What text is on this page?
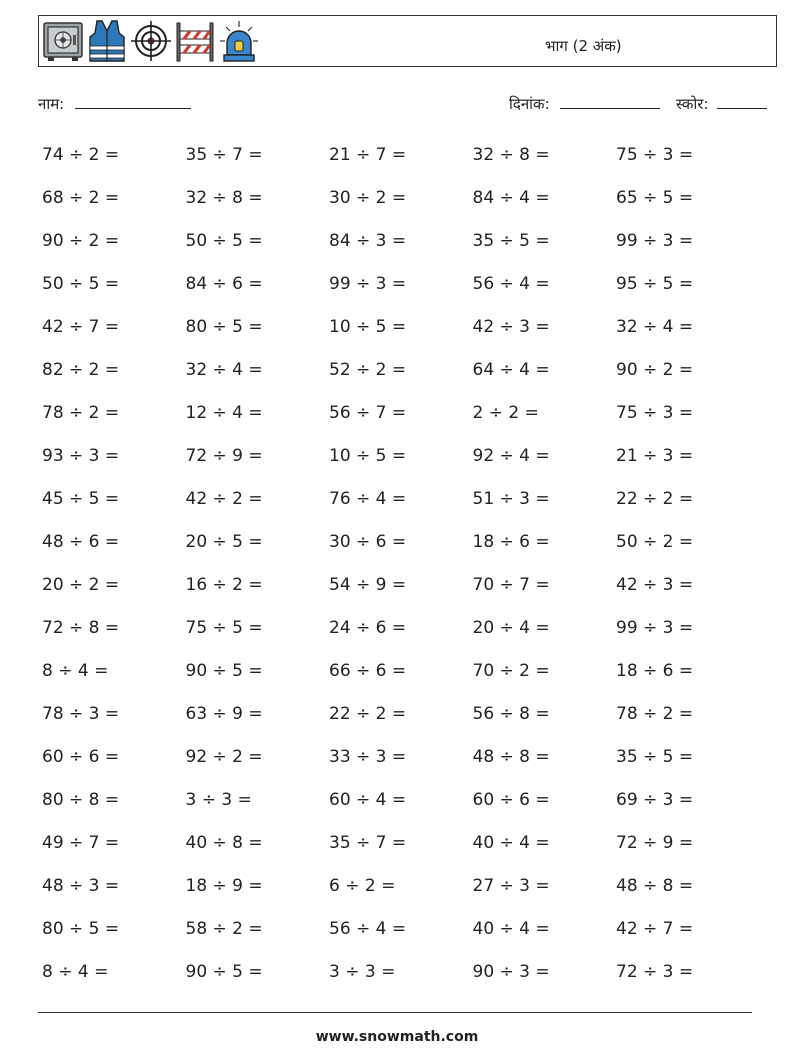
भाग (2 अंक)
नाम:	दिनांक:	स्कोर:
74 ÷ 2 =	35 ÷ 7 =	21 ÷ 7 =	32 ÷ 8 =	75 ÷ 3 =
68 ÷ 2 =	32 ÷ 8 =	30 ÷ 2 =	84 ÷ 4 =	65 ÷ 5 =
90 ÷ 2 =	50 ÷ 5 =	84 ÷ 3 =	35 ÷ 5 =	99 ÷ 3 =
50 ÷ 5 =	84 ÷ 6 =	99 ÷ 3 =	56 ÷ 4 =	95 ÷ 5 =
42 ÷ 7 =	80 ÷ 5 =	10 ÷ 5 =	42 ÷ 3 =	32 ÷ 4 =
82 ÷ 2 =	32 ÷ 4 =	52 ÷ 2 =	64 ÷ 4 =	90 ÷ 2 =
78 ÷ 2 =	12 ÷ 4 =	56 ÷ 7 =	2 ÷ 2 =	75 ÷ 3 =
93 ÷ 3 =	72 ÷ 9 =	10 ÷ 5 =	92 ÷ 4 =	21 ÷ 3 =
45 ÷ 5 =	42 ÷ 2 =	76 ÷ 4 =	51 ÷ 3 =	22 ÷ 2 =
48 ÷ 6 =	20 ÷ 5 =	30 ÷ 6 =	18 ÷ 6 =	50 ÷ 2 =
20 ÷ 2 =	16 ÷ 2 =	54 ÷ 9 =	70 ÷ 7 =	42 ÷ 3 =
72 ÷ 8 =	75 ÷ 5 =	24 ÷ 6 =	20 ÷ 4 =	99 ÷ 3 =
8 ÷ 4 =	90 ÷ 5 =	66 ÷ 6 =	70 ÷ 2 =	18 ÷ 6 =
78 ÷ 3 =	63 ÷ 9 =	22 ÷ 2 =	56 ÷ 8 =	78 ÷ 2 =
60 ÷ 6 =	92 ÷ 2 =	33 ÷ 3 =	48 ÷ 8 =	35 ÷ 5 =
80 ÷ 8 =	3 ÷ 3 =	60 ÷ 4 =	60 ÷ 6 =	69 ÷ 3 =
49 ÷ 7 =	40 ÷ 8 =	35 ÷ 7 =	40 ÷ 4 =	72 ÷ 9 =
48 ÷ 3 =	18 ÷ 9 =	6 ÷ 2 =	27 ÷ 3 =	48 ÷ 8 =
80 ÷ 5 =	58 ÷ 2 =	56 ÷ 4 =	40 ÷ 4 =	42 ÷ 7 =
8 ÷ 4 =	90 ÷ 5 =	3 ÷ 3 =	90 ÷ 3 =	72 ÷ 3 =
www.snowmath.com
